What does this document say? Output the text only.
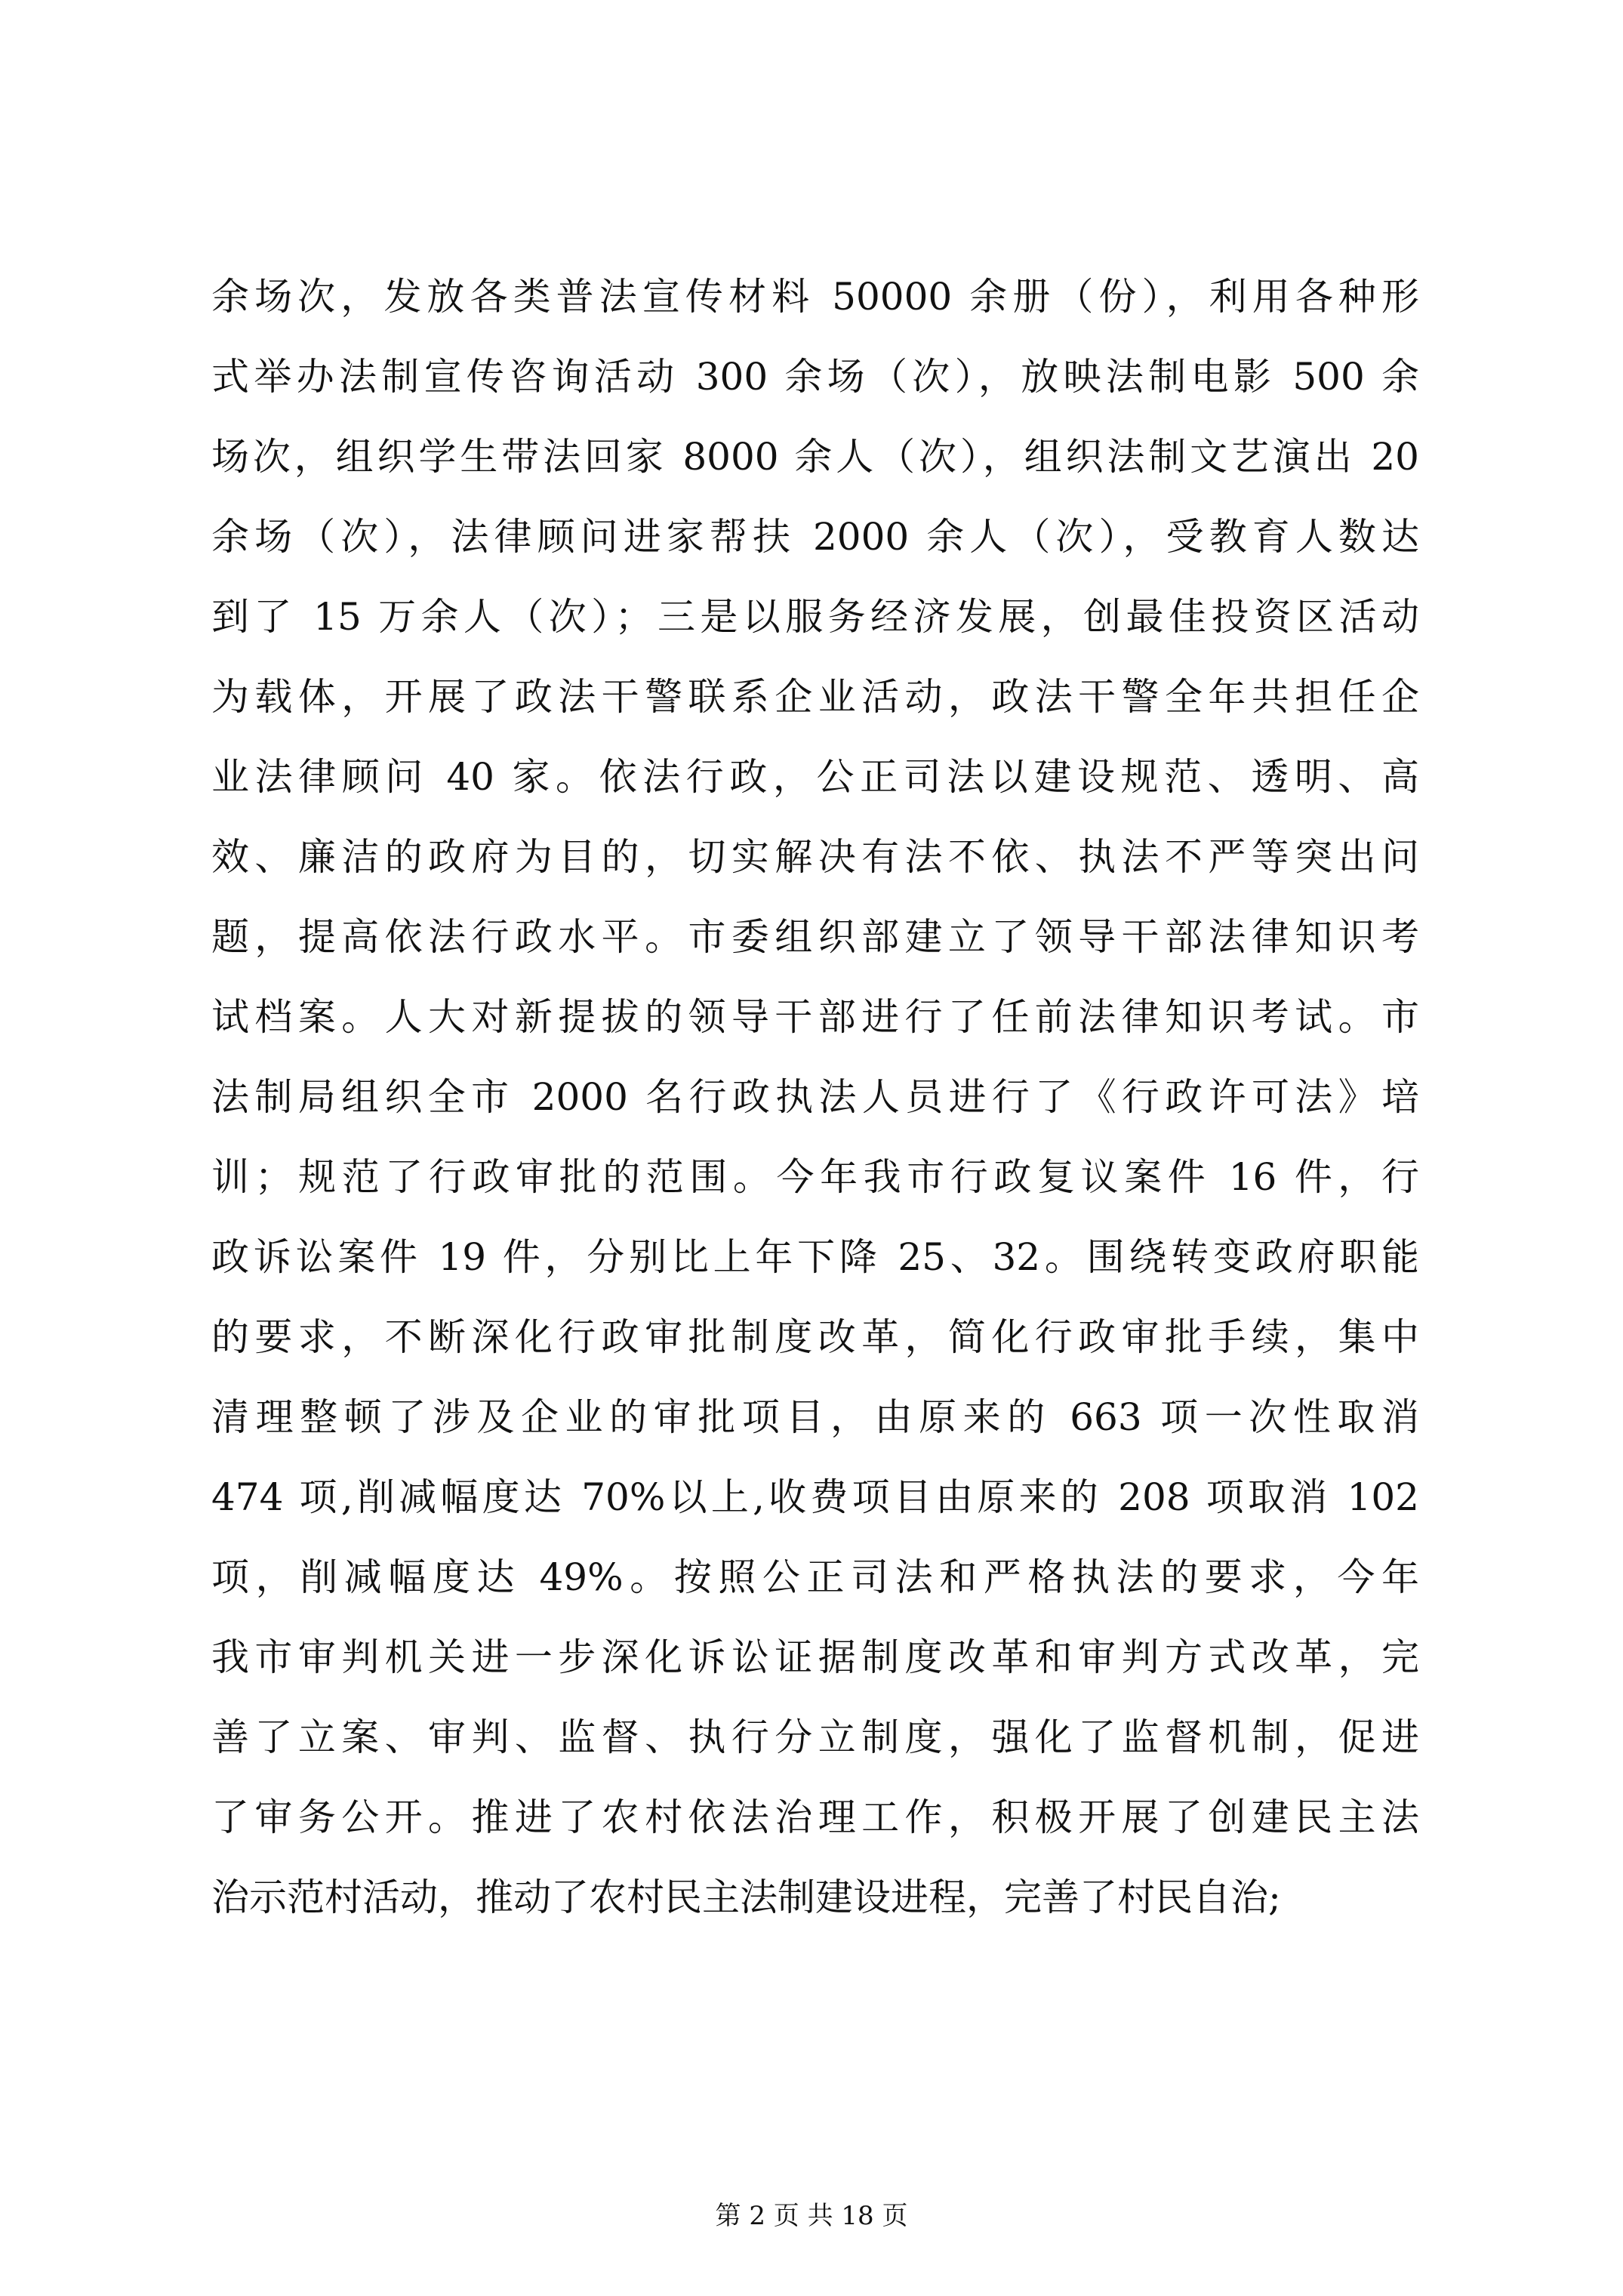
余场次，发放各类普法宣传材料 50000 余册（份），利用各种形
式举办法制宣传咨询活动 300 余场（次），放映法制电影 500 余
场次，组织学生带法回家 8000 余人（次），组织法制文艺演出 20
余场（次），法律顾问进家帮扶 2000 余人（次），受教育人数达
到了 15 万余人（次）；三是以服务经济发展，创最佳投资区活动
为载体，开展了政法干警联系企业活动，政法干警全年共担任企
业法律顾问 40 家。依法行政，公正司法以建设规范、透明、高
效、廉洁的政府为目的，切实解决有法不依、执法不严等突出问
题，提高依法行政水平。市委组织部建立了领导干部法律知识考
试档案。人大对新提拔的领导干部进行了任前法律知识考试。市
法制局组织全市 2000 名行政执法人员进行了《行政许可法》培
训；规范了行政审批的范围。今年我市行政复议案件 16 件，行
政诉讼案件 19 件，分别比上年下降 25、32。围绕转变政府职能
的要求，不断深化行政审批制度改革，简化行政审批手续，集中
清理整顿了涉及企业的审批项目，由原来的 663 项一次性取消
474 项,削减幅度达 70%以上,收费项目由原来的 208 项取消 102
项，削减幅度达 49%。按照公正司法和严格执法的要求，今年
我市审判机关进一步深化诉讼证据制度改革和审判方式改革，完
善了立案、审判、监督、执行分立制度，强化了监督机制，促进
了审务公开。推进了农村依法治理工作，积极开展了创建民主法
治示范村活动，推动了农村民主法制建设进程，完善了村民自治;
第 2 页 共 18 页
